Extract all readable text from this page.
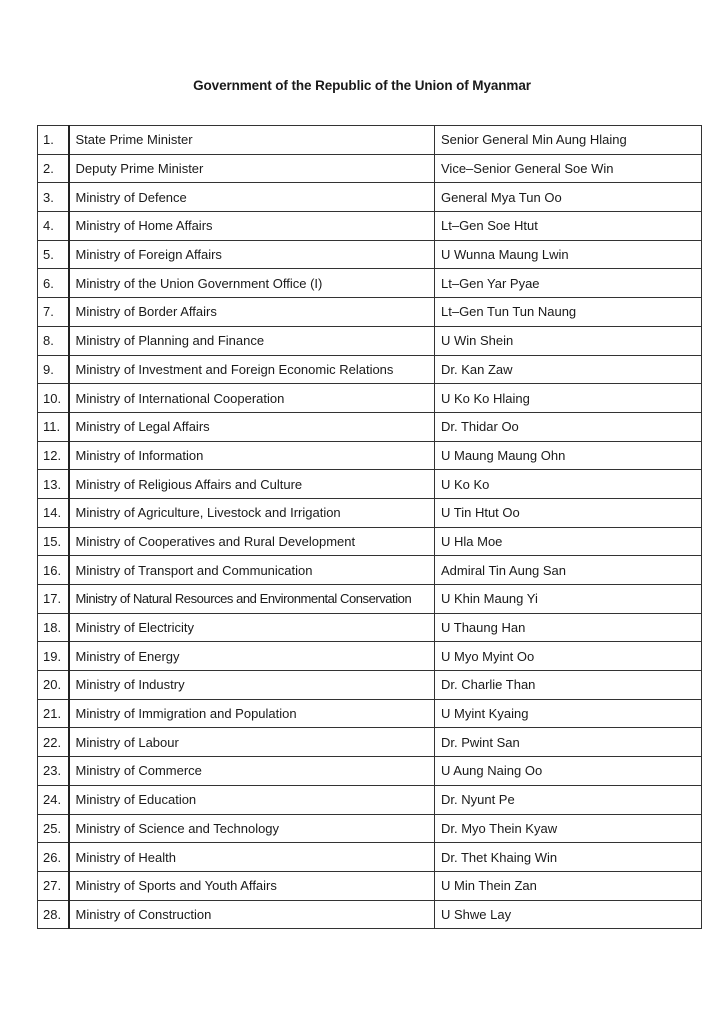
Government of the Republic of the Union of Myanmar
1.	State Prime Minister	Senior General Min Aung Hlaing
2.	Deputy Prime Minister	Vice–Senior General Soe Win
3.	Ministry of Defence	General Mya Tun Oo
4.	Ministry of Home Affairs	Lt–Gen Soe Htut
5.	Ministry of Foreign Affairs	U Wunna Maung Lwin
6.	Ministry of the Union Government Office (I)	Lt–Gen Yar Pyae
7.	Ministry of Border Affairs	Lt–Gen Tun Tun Naung
8.	Ministry of Planning and Finance	U Win Shein
9.	Ministry of Investment and Foreign Economic Relations	Dr. Kan Zaw
10.	Ministry of International Cooperation	U Ko Ko Hlaing
11.	Ministry of Legal Affairs	Dr. Thidar Oo
12.	Ministry of Information	U Maung Maung Ohn
13.	Ministry of Religious Affairs and Culture	U Ko Ko
14.	Ministry of Agriculture, Livestock and Irrigation	U Tin Htut Oo
15.	Ministry of Cooperatives and Rural Development	U Hla Moe
16.	Ministry of Transport and Communication	Admiral Tin Aung San
17.	Ministry of Natural Resources and Environmental Conservation	U Khin Maung Yi
18.	Ministry of Electricity	U Thaung Han
19.	Ministry of Energy	U Myo Myint Oo
20.	Ministry of Industry	Dr. Charlie Than
21.	Ministry of Immigration and Population	U Myint Kyaing
22.	Ministry of Labour	Dr. Pwint San
23.	Ministry of Commerce	U Aung Naing Oo
24.	Ministry of Education	Dr. Nyunt Pe
25.	Ministry of Science and Technology	Dr. Myo Thein Kyaw
26.	Ministry of Health	Dr. Thet Khaing Win
27.	Ministry of Sports and Youth Affairs	U Min Thein Zan
28.	Ministry of Construction	U Shwe Lay
